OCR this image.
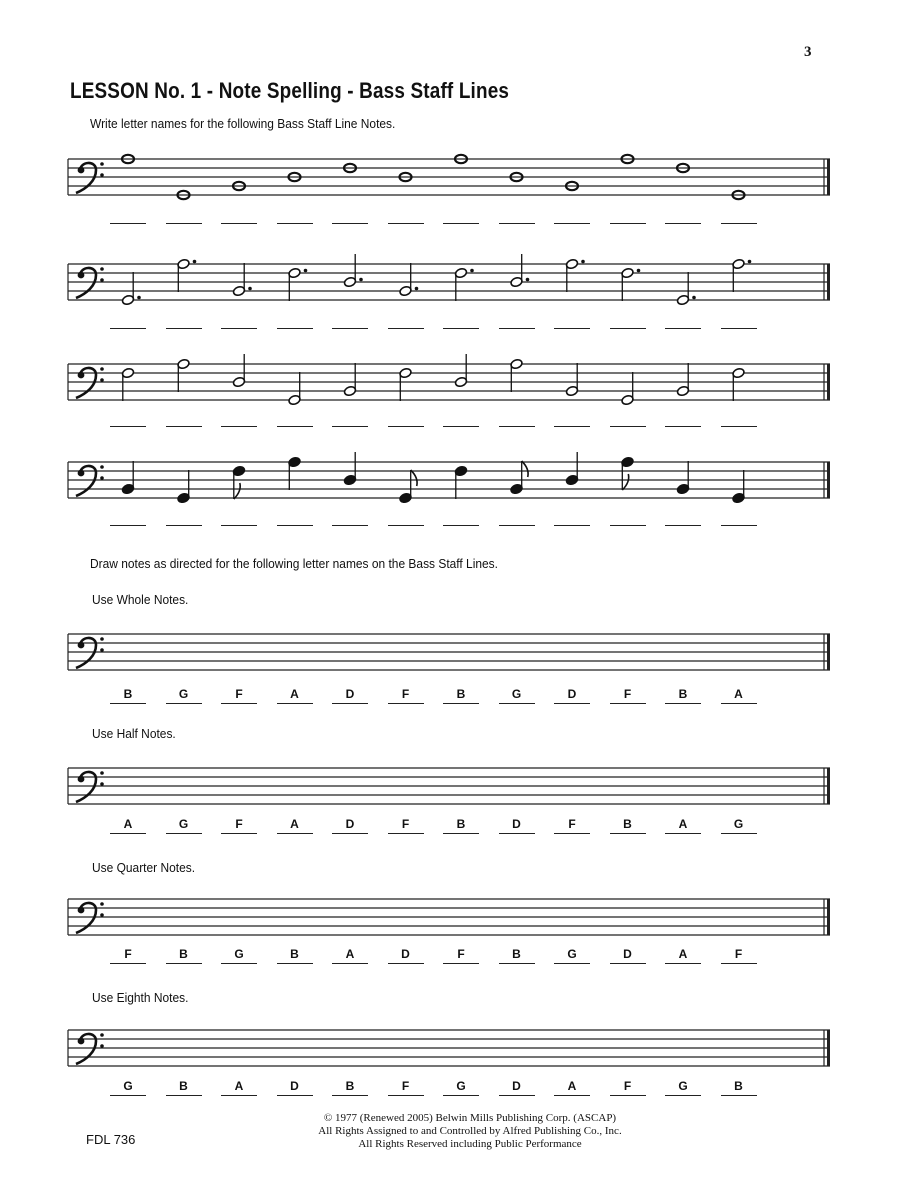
3
LESSON No. 1 - Note Spelling - Bass Staff Lines
Write letter names for the following Bass Staff Line Notes.
Draw notes as directed for the following letter names on the Bass Staff Lines.
Use Whole Notes.
B	G	F	A	D	F	B	G	D	F	B	A
Use Half Notes.
A	G	F	A	D	F	B	D	F	B	A	G
Use Quarter Notes.
F	B	G	B	A	D	F	B	G	D	A	F
Use Eighth Notes.
G	B	A	D	B	F	G	D	A	F	G	B
© 1977 (Renewed 2005) Belwin Mills Publishing Corp. (ASCAP)
All Rights Assigned to and Controlled by Alfred Publishing Co., Inc.
All Rights Reserved including Public Performance
FDL 736
